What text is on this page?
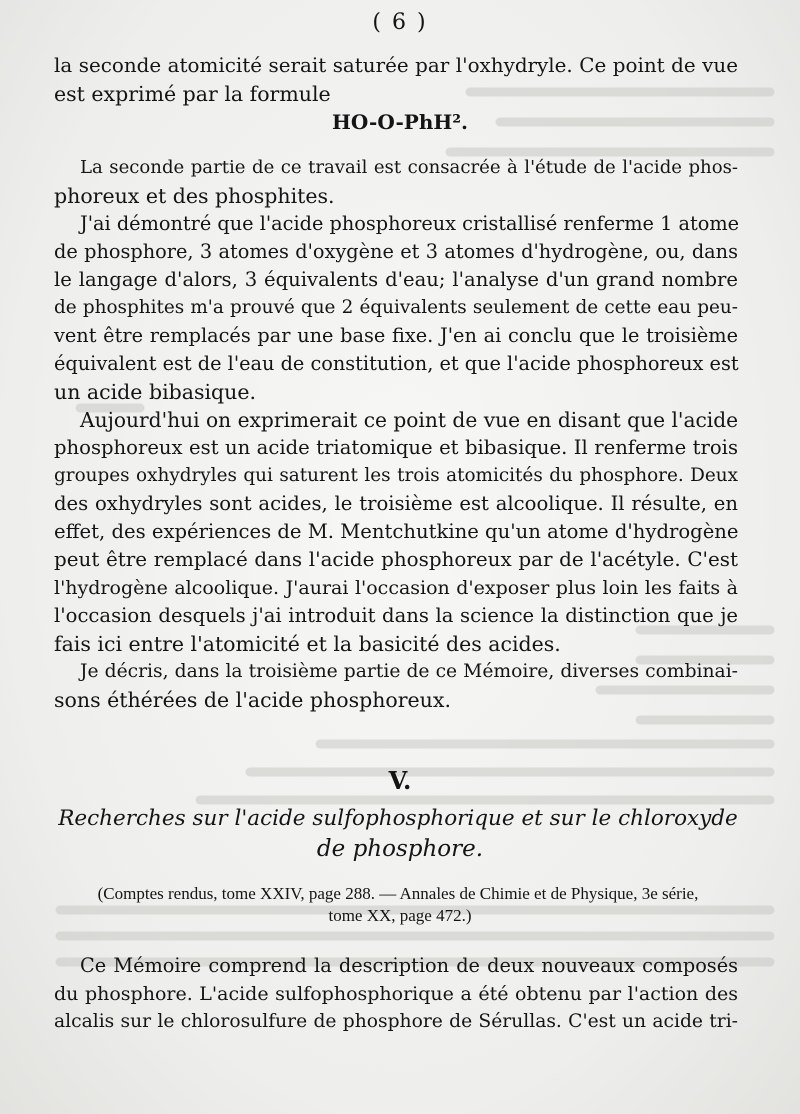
( 6 )
la seconde atomicité serait saturée par l'oxhydryle. Ce point de vue
est exprimé par la formule
HO-O-PhH².
La seconde partie de ce travail est consacrée à l'étude de l'acide phos-
phoreux et des phosphites.
J'ai démontré que l'acide phosphoreux cristallisé renferme 1 atome
de phosphore, 3 atomes d'oxygène et 3 atomes d'hydrogène, ou, dans
le langage d'alors, 3 équivalents d'eau; l'analyse d'un grand nombre
de phosphites m'a prouvé que 2 équivalents seulement de cette eau peu-
vent être remplacés par une base fixe. J'en ai conclu que le troisième
équivalent est de l'eau de constitution, et que l'acide phosphoreux est
un acide bibasique.
Aujourd'hui on exprimerait ce point de vue en disant que l'acide
phosphoreux est un acide triatomique et bibasique. Il renferme trois
groupes oxhydryles qui saturent les trois atomicités du phosphore. Deux
des oxhydryles sont acides, le troisième est alcoolique. Il résulte, en
effet, des expériences de M. Mentchutkine qu'un atome d'hydrogène
peut être remplacé dans l'acide phosphoreux par de l'acétyle. C'est
l'hydrogène alcoolique. J'aurai l'occasion d'exposer plus loin les faits à
l'occasion desquels j'ai introduit dans la science la distinction que je
fais ici entre l'atomicité et la basicité des acides.
Je décris, dans la troisième partie de ce Mémoire, diverses combinai-
sons éthérées de l'acide phosphoreux.
V.
Recherches sur l'acide sulfophosphorique et sur le chloroxyde
de phosphore.
(Comptes rendus, tome XXIV, page 288. — Annales de Chimie et de Physique, 3e série,
tome XX, page 472.)
Ce Mémoire comprend la description de deux nouveaux composés
du phosphore. L'acide sulfophosphorique a été obtenu par l'action des
alcalis sur le chlorosulfure de phosphore de Sérullas. C'est un acide tri-
